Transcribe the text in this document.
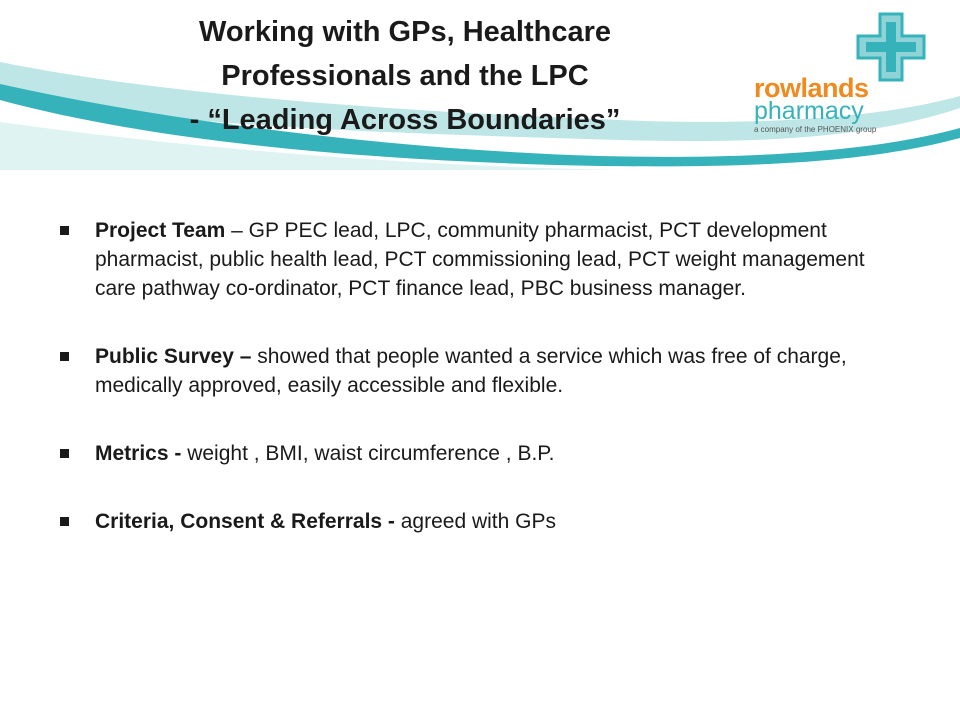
Working with GPs, Healthcare
Professionals and the LPC
- “Leading Across Boundaries”
rowlands
pharmacy
a company of the PHOENIX group
Project Team – GP PEC lead, LPC, community pharmacist, PCT development pharmacist, public health lead, PCT commissioning lead, PCT weight management care pathway co-ordinator, PCT finance lead, PBC business manager.
Public Survey – showed that people wanted a service which was free of charge, medically approved, easily accessible and flexible.
Metrics - weight , BMI, waist circumference , B.P.
Criteria, Consent & Referrals - agreed with GPs
